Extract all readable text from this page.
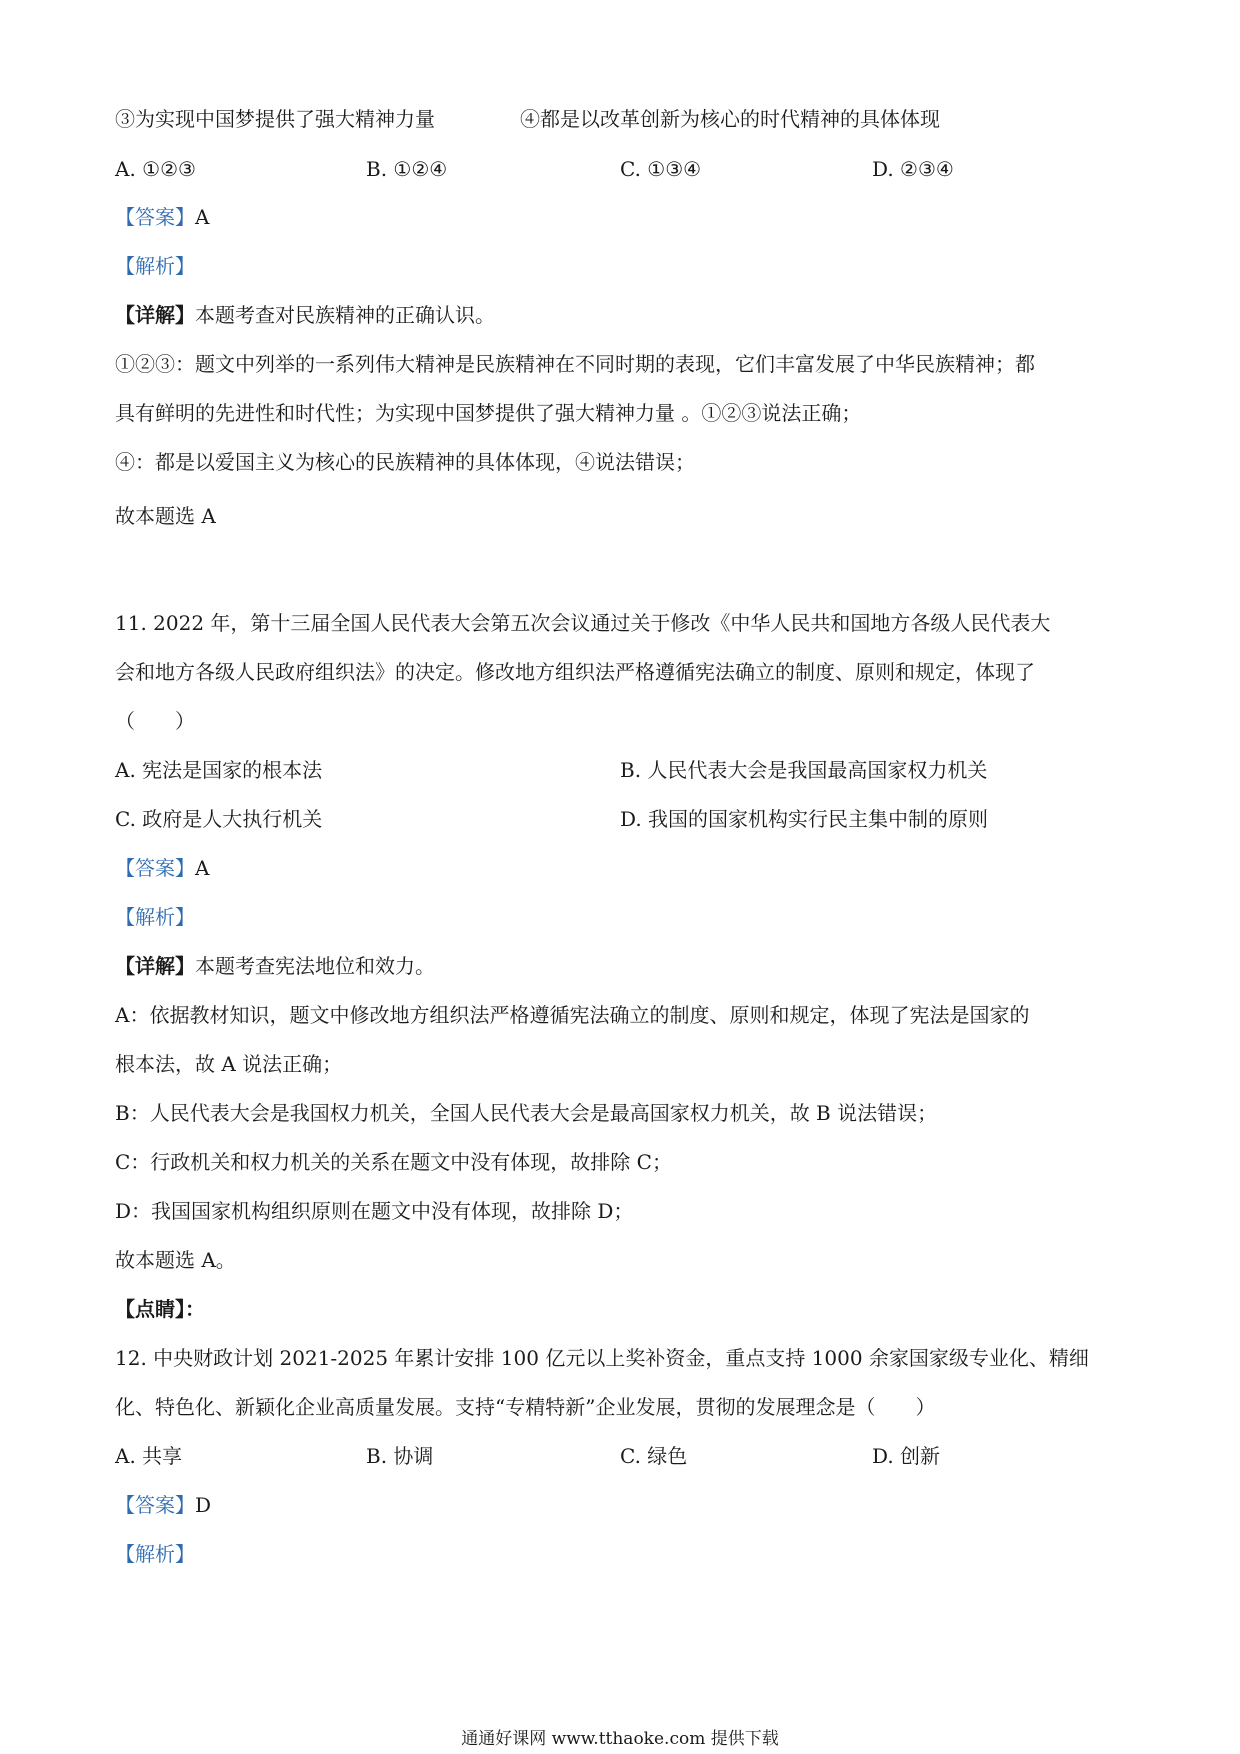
③为实现中国梦提供了强大精神力量	④都是以改革创新为核心的时代精神的具体体现
A. ①②③	B. ①②④	C. ①③④	D. ②③④
【答案】A
【解析】
【详解】本题考查对民族精神的正确认识。
①②③：题文中列举的一系列伟大精神是民族精神在不同时期的表现，它们丰富发展了中华民族精神；都
具有鲜明的先进性和时代性；为实现中国梦提供了强大精神力量 。①②③说法正确；
④：都是以爱国主义为核心的民族精神的具体体现，④说法错误；
故本题选 A
11. 2022 年，第十三届全国人民代表大会第五次会议通过关于修改《中华人民共和国地方各级人民代表大
会和地方各级人民政府组织法》的决定。修改地方组织法严格遵循宪法确立的制度、原则和规定，体现了
（　　）
A. 宪法是国家的根本法	B. 人民代表大会是我国最高国家权力机关
C. 政府是人大执行机关	D. 我国的国家机构实行民主集中制的原则
【答案】A
【解析】
【详解】本题考查宪法地位和效力。
A：依据教材知识，题文中修改地方组织法严格遵循宪法确立的制度、原则和规定，体现了宪法是国家的
根本法，故 A 说法正确；
B：人民代表大会是我国权力机关，全国人民代表大会是最高国家权力机关，故 B 说法错误；
C：行政机关和权力机关的关系在题文中没有体现，故排除 C；
D：我国国家机构组织原则在题文中没有体现，故排除 D；
故本题选 A。
【点睛】：
12. 中央财政计划 2021-2025 年累计安排 100 亿元以上奖补资金，重点支持 1000 余家国家级专业化、精细
化、特色化、新颖化企业高质量发展。支持“专精特新”企业发展，贯彻的发展理念是（　　）
A. 共享	B. 协调	C. 绿色	D. 创新
【答案】D
【解析】
通通好课网 www.tthaoke.com 提供下载
